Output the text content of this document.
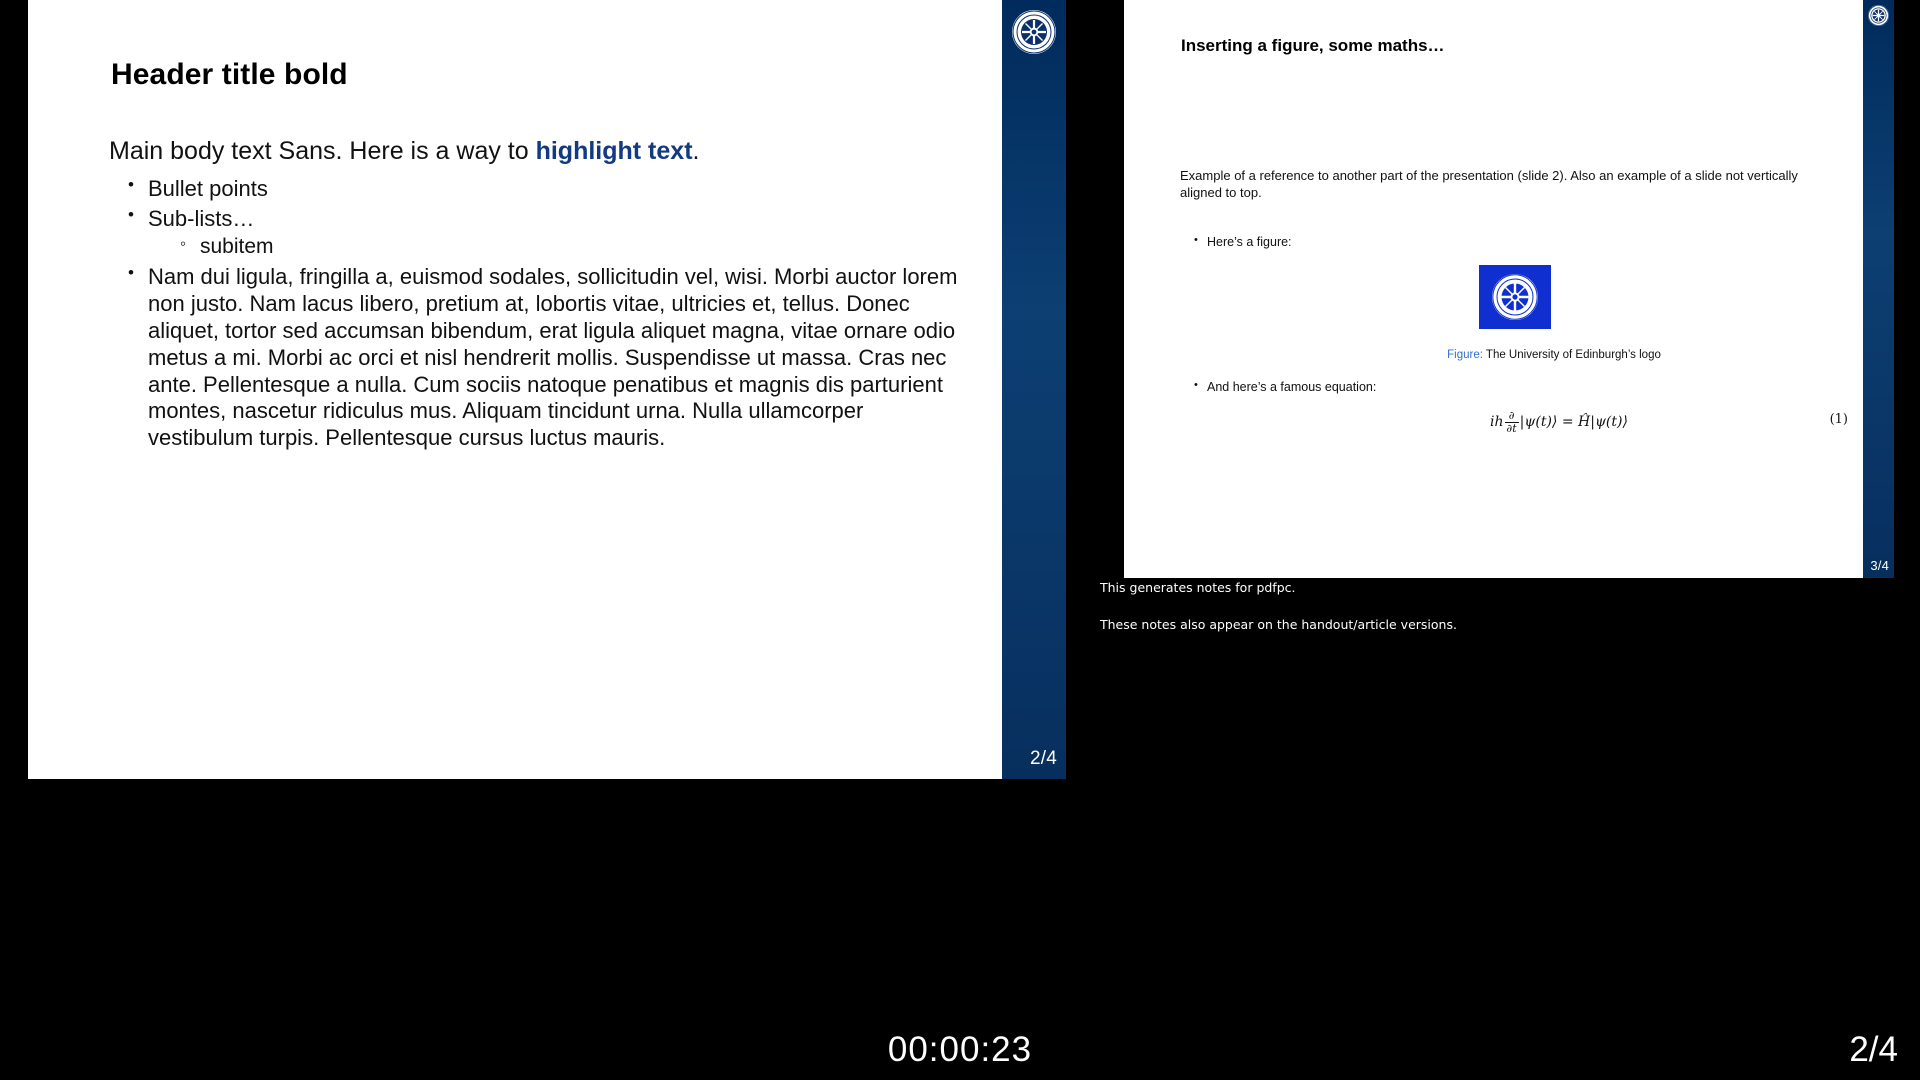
Header title bold
Main body text Sans. Here is a way to highlight text.
• Bullet points
• Sub-lists…
◦ subitem
• Nam dui ligula, fringilla a, euismod sodales, sollicitudin vel, wisi. Morbi auctor lorem non justo. Nam lacus libero, pretium at, lobortis vitae, ultricies et, tellus. Donec aliquet, tortor sed accumsan bibendum, erat ligula aliquet magna, vitae ornare odio metus a mi. Morbi ac orci et nisl hendrerit mollis. Suspendisse ut massa. Cras nec ante. Pellentesque a nulla. Cum sociis natoque penatibus et magnis dis parturient montes, nascetur ridiculus mus. Aliquam tincidunt urna. Nulla ullamcorper vestibulum turpis. Pellentesque cursus luctus mauris.
2/4
Inserting a figure, some maths…
Example of a reference to another part of the presentation (slide 2). Also an example of a slide not vertically aligned to top.
• Here’s a figure:
Figure: The University of Edinburgh’s logo
• And here’s a famous equation:
ih $\frac{\partial}{\partial t}$ |ψ(t)⟩ = Ĥ|ψ(t)⟩	(1)
3/4

This generates notes for pdfpc.

These notes also appear on the handout/article versions.

00:00:23	2/4
